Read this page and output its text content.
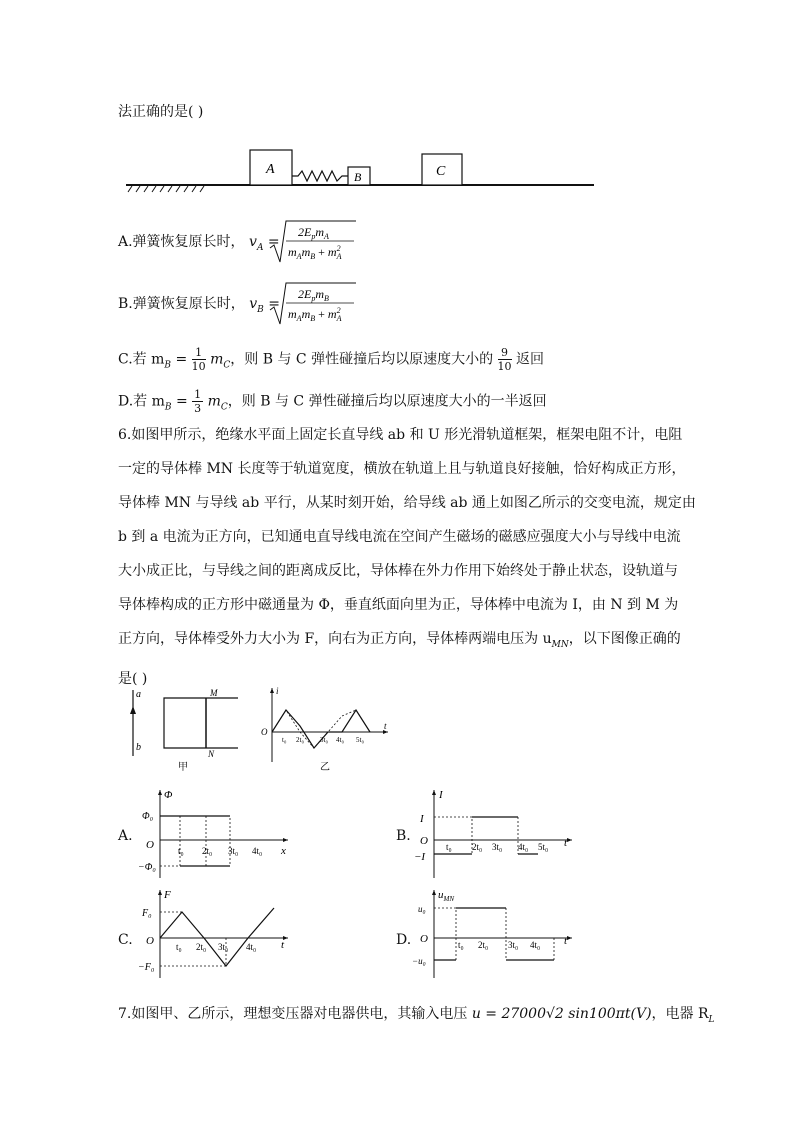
法正确的是( )
A	B	C
A.弹簧恢复原长时， $v_A$ =
$2E_pm_A$
$m_Am_B + m^2$ A
B.弹簧恢复原长时， $v_B$ =
$2E_pm_B$
$m_Am_B + m^2$ A
C.若 $m_B = \frac{1}{10} m_C$，则 B 与 C 弹性碰撞后均以原速度大小的 $\frac{9}{10}$ 返回
D.若 $m_B = \frac{1}{3} m_C$，则 B 与 C 弹性碰撞后均以原速度大小的一半返回

6.如图甲所示，绝缘水平面上固定长直导线 ab 和 U 形光滑轨道框架，框架电阻不计，电阻

一定的导体棒 MN 长度等于轨道宽度，横放在轨道上且与轨道良好接触，恰好构成正方形，

导体棒 MN 与导线 ab 平行，从某时刻开始，给导线 ab 通上如图乙所示的交变电流，规定由

b 到 a 电流为正方向，已知通电直导线电流在空间产生磁场的磁感应强度大小与导线中电流

大小成正比，与导线之间的距离成反比，导体棒在外力作用下始终处于静止状态，设轨道与

导体棒构成的正方形中磁通量为 Φ，垂直纸面向里为正，导体棒中电流为 I，由 N 到 M 为

正方向，导体棒受外力大小为 F，向右为正方向，导体棒两端电压为 $u_{MN}$，以下图像正确的

是( )

a
b
M
N
甲
i
t
O
t₀ 2t₀ 3t₀ 4t₀ 5t₀
乙
A.
Φ
x
O
Φ₀
−Φ₀
t₀ 2t₀ 3t₀ 4t₀
B.
I
t
O
I
−I
t₀ 2t₀ 3t₀ 4t₀ 5t₀
C.
F
t
O
F₀
−F₀
t₀ 2t₀ 3t₀ 4t₀	D.
$u_{MN}$
t
O
u₀
−u₀
t₀ 2t₀ 3t₀ 4t₀
7.如图甲、乙所示，理想变压器对电器供电，其输入电压 u = 27000√2 sin100πt(V)，电器 $R_L$
